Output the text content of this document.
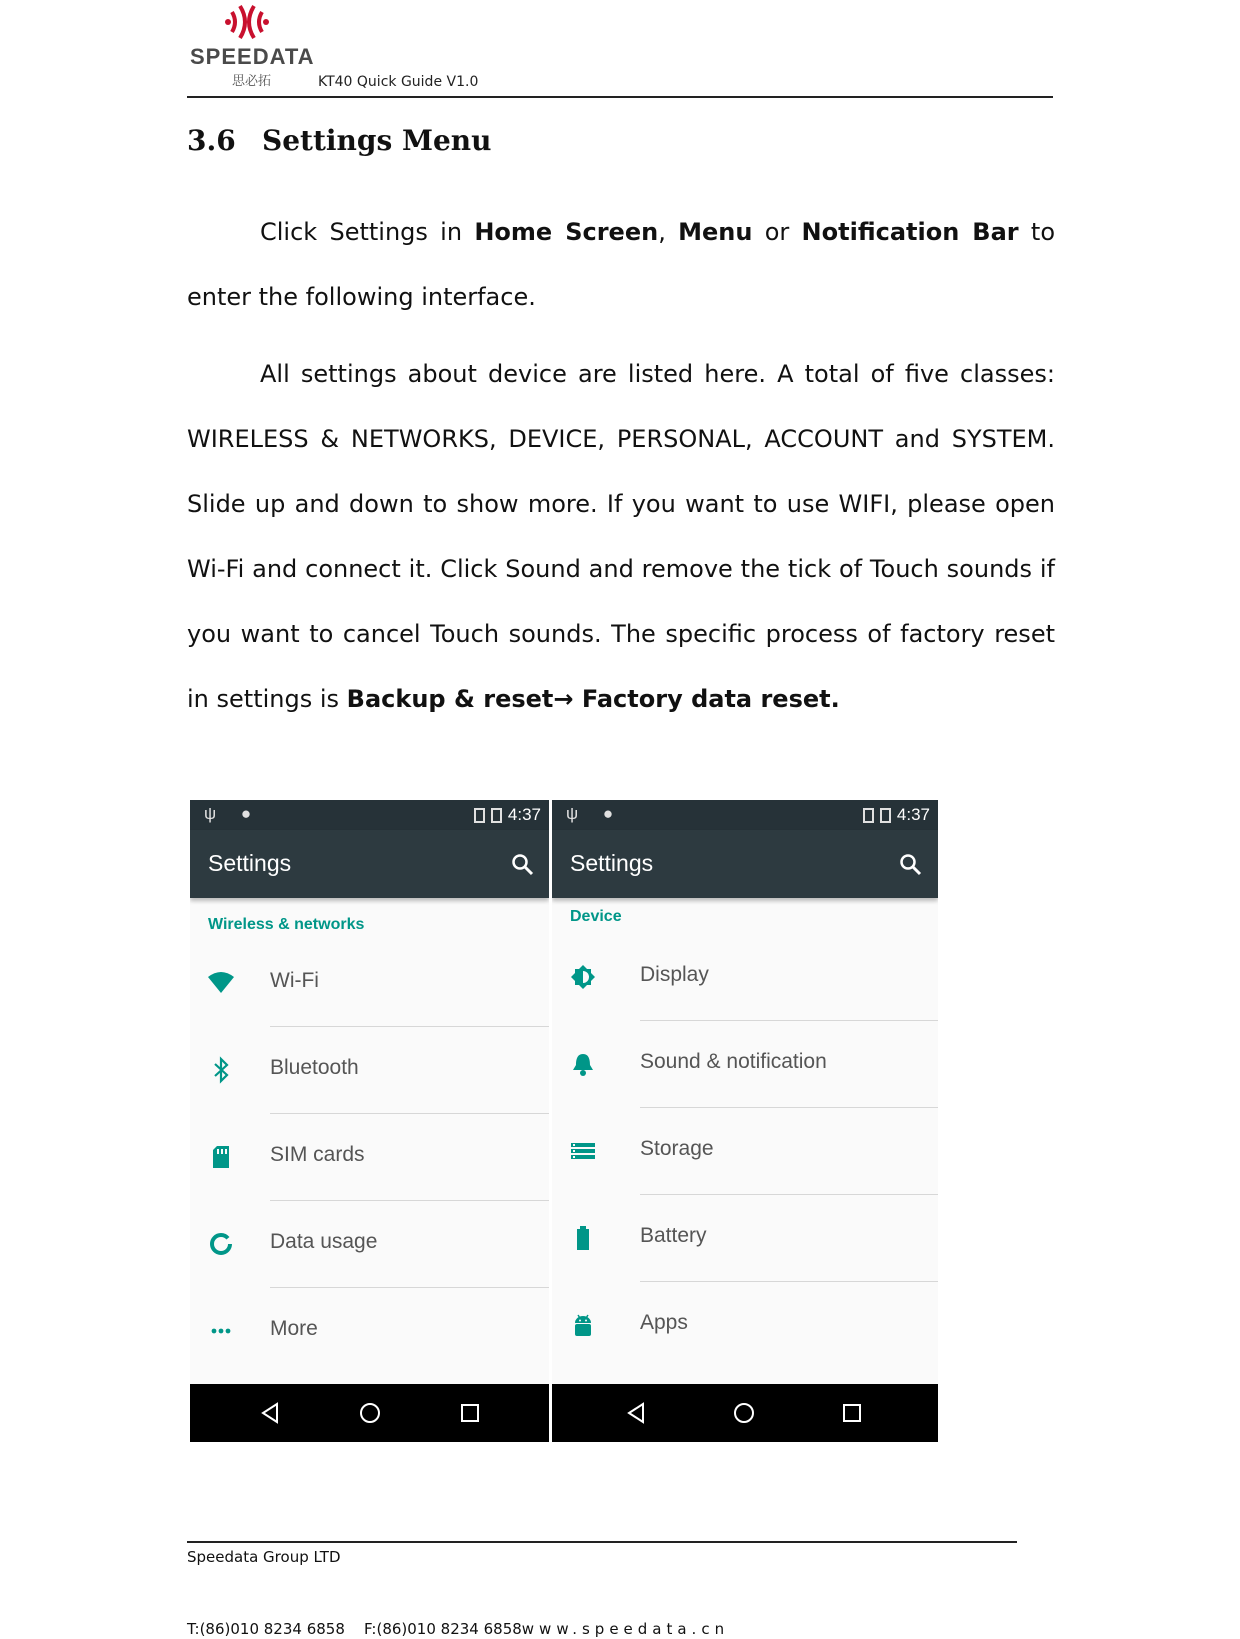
SPEEDATA
思必拓	KT40 Quick Guide V1.0
3.6 Settings Menu
Click Settings in Home Screen, Menu or Notification Bar to enter the following interface.
All settings about device are listed here. A total of five classes: WIRELESS & NETWORKS, DEVICE, PERSONAL, ACCOUNT and SYSTEM. Slide up and down to show more. If you want to use WIFI, please open Wi-Fi and connect it. Click Sound and remove the tick of Touch sounds if you want to cancel Touch sounds. The specific process of factory reset in settings is Backup & reset→ Factory data reset.
ψ ●	4:37
Settings
Wireless & networks
Wi-Fi
Bluetooth
SIM cards
Data usage
More
ψ ●	4:37
Settings
Device
Display
Sound & notification
Storage
Battery
Apps
Speedata Group LTD
T:(86)010 8234 6858 F:(86)010 8234 6858www.speedata.cn
